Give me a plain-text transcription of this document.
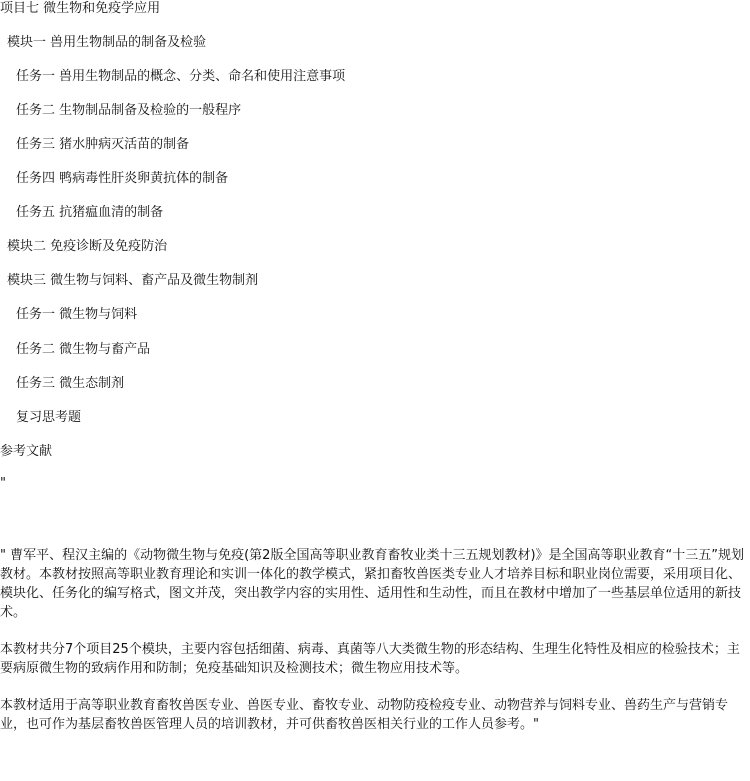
项目七 微生物和免疫学应用
模块一 兽用生物制品的制备及检验
任务一 兽用生物制品的概念、分类、命名和使用注意事项
任务二 生物制品制备及检验的一般程序
任务三 猪水肿病灭活苗的制备
任务四 鸭病毒性肝炎卵黄抗体的制备
任务五 抗猪瘟血清的制备
模块二 免疫诊断及免疫防治
模块三 微生物与饲料、畜产品及微生物制剂
任务一 微生物与饲料
任务二 微生物与畜产品
任务三 微生态制剂
复习思考题
参考文献
"
" 曹军平、程汉主编的《动物微生物与免疫(第2版全国高等职业教育畜牧业类十三五规划教材)》是全国高等职业教育“十三五”规划教材。本教材按照高等职业教育理论和实训一体化的教学模式，紧扣畜牧兽医类专业人才培养目标和职业岗位需要，采用项目化、模块化、任务化的编写格式，图文并茂，突出教学内容的实用性、适用性和生动性，而且在教材中增加了一些基层单位适用的新技术。
本教材共分7个项目25个模块，主要内容包括细菌、病毒、真菌等八大类微生物的形态结构、生理生化特性及相应的检验技术；主要病原微生物的致病作用和防制；免疫基础知识及检测技术；微生物应用技术等。
本教材适用于高等职业教育畜牧兽医专业、兽医专业、畜牧专业、动物防疫检疫专业、动物营养与饲料专业、兽药生产与营销专业，也可作为基层畜牧兽医管理人员的培训教材，并可供畜牧兽医相关行业的工作人员参考。"
